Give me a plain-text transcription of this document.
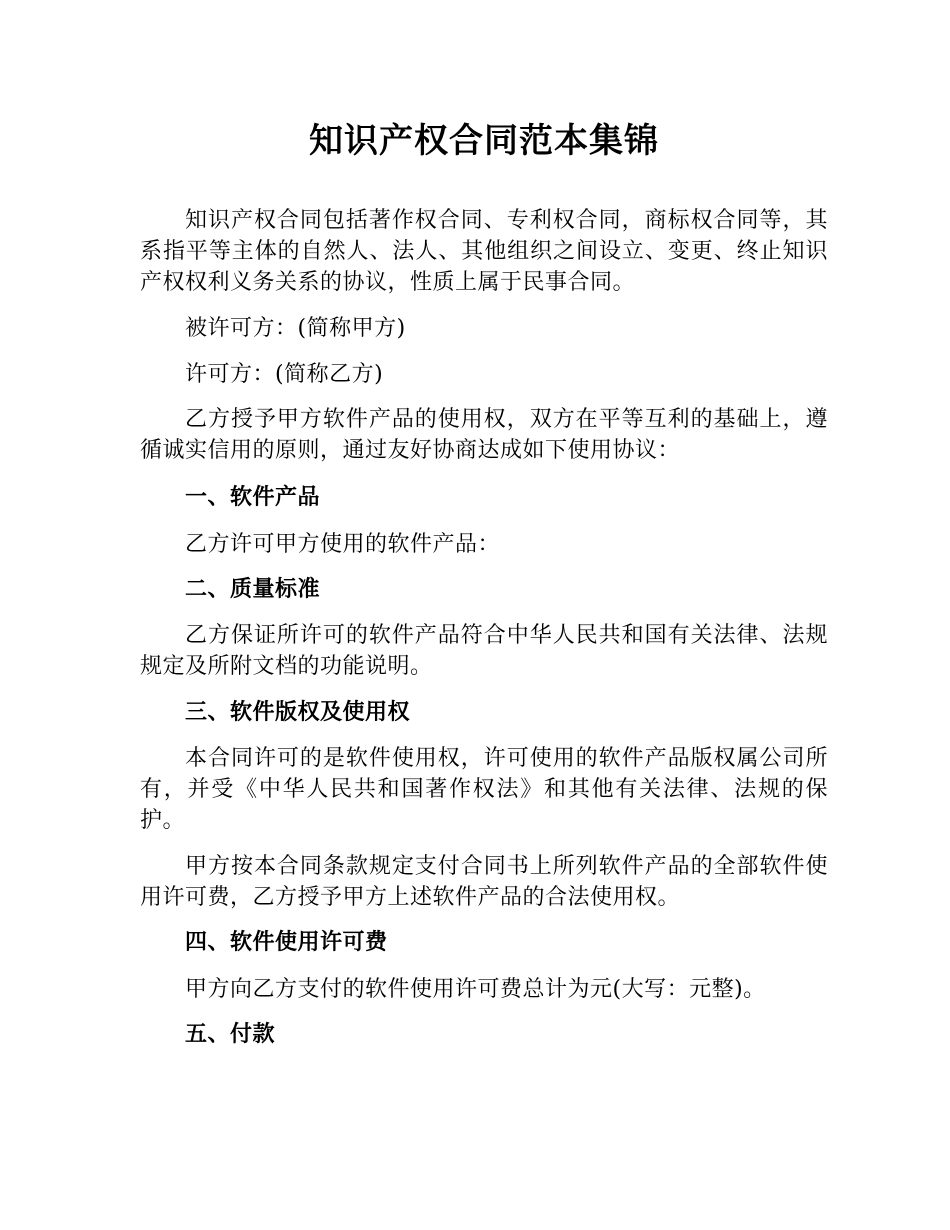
知识产权合同范本集锦

知识产权合同包括著作权合同、专利权合同，商标权合同等，其系指平等主体的自然人、法人、其他组织之间设立、变更、终止知识产权权利义务关系的协议，性质上属于民事合同。

被许可方：(简称甲方)

许可方：(简称乙方)

乙方授予甲方软件产品的使用权，双方在平等互利的基础上，遵循诚实信用的原则，通过友好协商达成如下使用协议：

一、软件产品

乙方许可甲方使用的软件产品：

二、质量标准

乙方保证所许可的软件产品符合中华人民共和国有关法律、法规规定及所附文档的功能说明。

三、软件版权及使用权

本合同许可的是软件使用权，许可使用的软件产品版权属公司所有，并受《中华人民共和国著作权法》和其他有关法律、法规的保护。

甲方按本合同条款规定支付合同书上所列软件产品的全部软件使用许可费，乙方授予甲方上述软件产品的合法使用权。

四、软件使用许可费

甲方向乙方支付的软件使用许可费总计为元(大写：元整)。

五、付款
